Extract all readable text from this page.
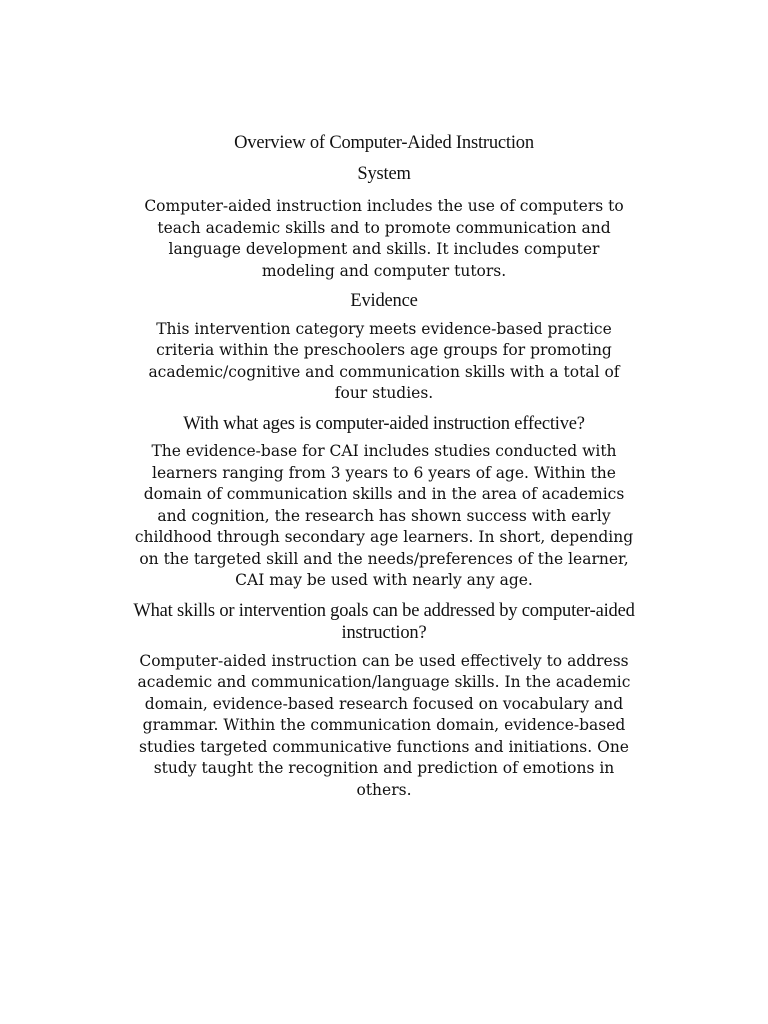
Overview of Computer-Aided Instruction
System

Computer-aided instruction includes the use of computers to teach academic skills and to promote communication and language development and skills. It includes computer modeling and computer tutors.

Evidence

This intervention category meets evidence-based practice criteria within the preschoolers age groups for promoting academic/cognitive and communication skills with a total of four studies.

With what ages is computer-aided instruction effective?

The evidence-base for CAI includes studies conducted with learners ranging from 3 years to 6 years of age. Within the domain of communication skills and in the area of academics and cognition, the research has shown success with early childhood through secondary age learners. In short, depending on the targeted skill and the needs/preferences of the learner, CAI may be used with nearly any age.

What skills or intervention goals can be addressed by computer-aided instruction?

Computer-aided instruction can be used effectively to address academic and communication/language skills. In the academic domain, evidence-based research focused on vocabulary and grammar. Within the communication domain, evidence-based studies targeted communicative functions and initiations. One study taught the recognition and prediction of emotions in others.
